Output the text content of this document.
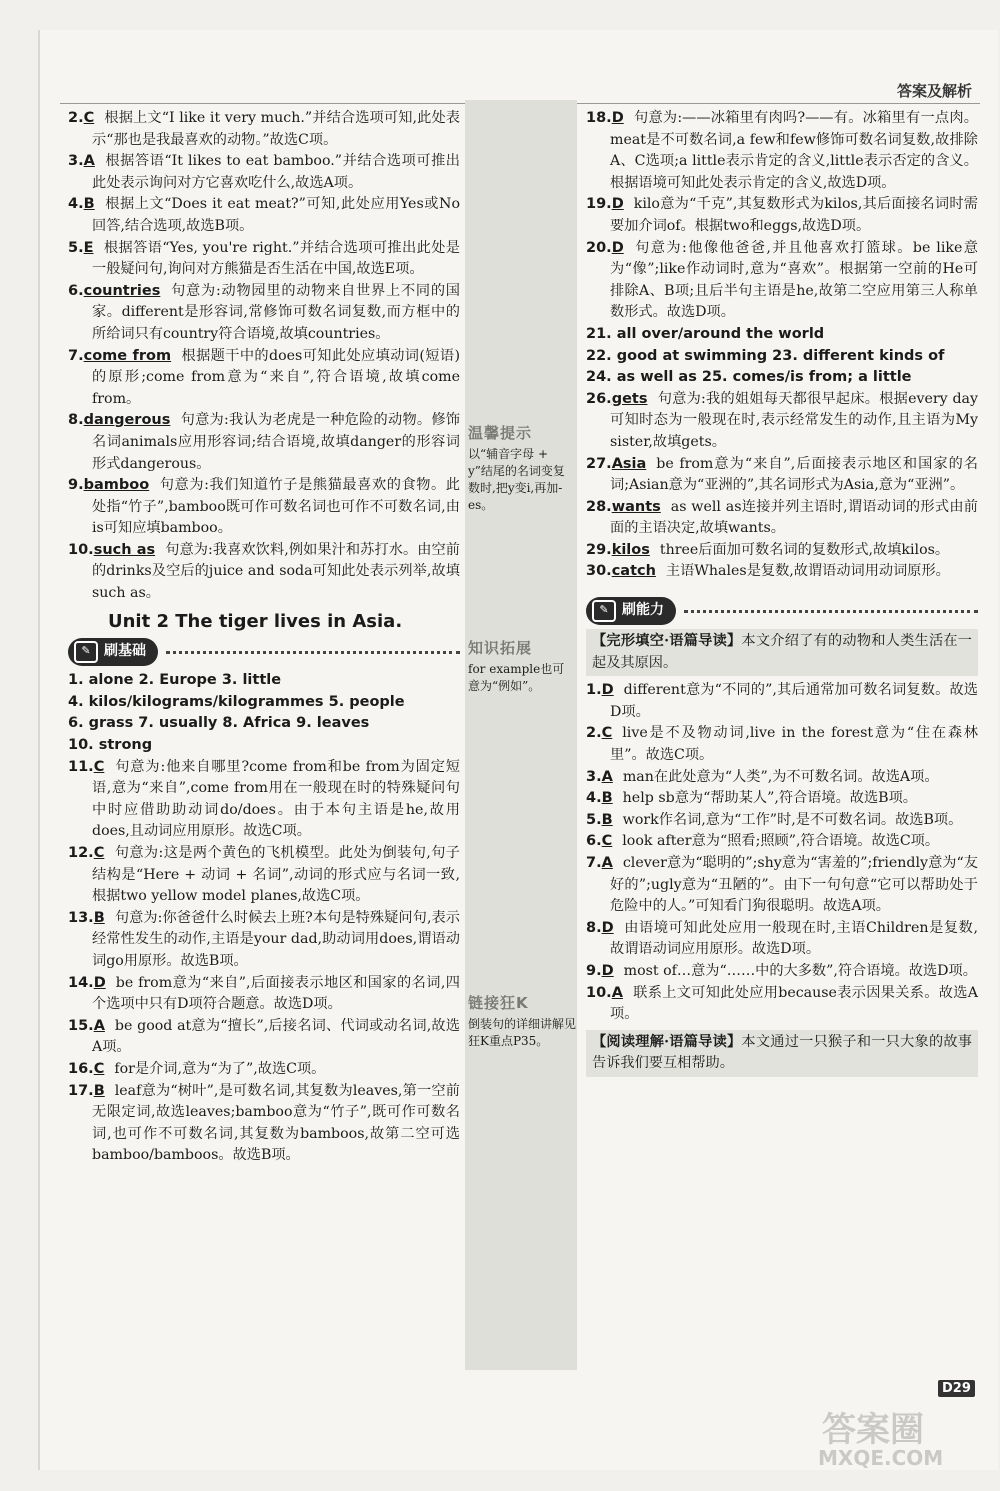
答案及解析

2.C 根据上文“I like it very much.”并结合选项可知,此处表示“那也是我最喜欢的动物。”故选C项。

3.A 根据答语“It likes to eat bamboo.”并结合选项可推出此处表示询问对方它喜欢吃什么,故选A项。

4.B 根据上文“Does it eat meat?”可知,此处应用Yes或No回答,结合选项,故选B项。

5.E 根据答语“Yes, you're right.”并结合选项可推出此处是一般疑问句,询问对方熊猫是否生活在中国,故选E项。

6.countries 句意为:动物园里的动物来自世界上不同的国家。different是形容词,常修饰可数名词复数,而方框中的所给词只有country符合语境,故填countries。

7.come from 根据题干中的does可知此处应填动词(短语)的原形;come from意为“来自”,符合语境,故填come from。

8.dangerous 句意为:我认为老虎是一种危险的动物。修饰名词animals应用形容词;结合语境,故填danger的形容词形式dangerous。

9.bamboo 句意为:我们知道竹子是熊猫最喜欢的食物。此处指“竹子”,bamboo既可作可数名词也可作不可数名词,由is可知应填bamboo。

10.such as 句意为:我喜欢饮料,例如果汁和苏打水。由空前的drinks及空后的juice and soda可知此处表示列举,故填such as。

Unit 2 The tiger lives in Asia.
✎ 刷基础

1. alone 2. Europe 3. little

4. kilos/kilograms/kilogrammes 5. people

6. grass 7. usually 8. Africa 9. leaves

10. strong

11.C 句意为:他来自哪里?come from和be from为固定短语,意为“来自”,come from用在一般现在时的特殊疑问句中时应借助助动词do/does。由于本句主语是he,故用does,且动词应用原形。故选C项。

12.C 句意为:这是两个黄色的飞机模型。此处为倒装句,句子结构是“Here + 动词 + 名词”,动词的形式应与名词一致,根据two yellow model planes,故选C项。

13.B 句意为:你爸爸什么时候去上班?本句是特殊疑问句,表示经常性发生的动作,主语是your dad,助动词用does,谓语动词go用原形。故选B项。

14.D be from意为“来自”,后面接表示地区和国家的名词,四个选项中只有D项符合题意。故选D项。

15.A be good at意为“擅长”,后接名词、代词或动名词,故选A项。

16.C for是介词,意为“为了”,故选C项。

17.B leaf意为“树叶”,是可数名词,其复数为leaves,第一空前无限定词,故选leaves;bamboo意为“竹子”,既可作可数名词,也可作不可数名词,其复数为bamboos,故第二空可选bamboo/bamboos。故选B项。

温馨提示
以“辅音字母 + y”结尾的名词变复数时,把y变i,再加-es。
知识拓展
for example也可意为“例如”。
链接狂K
倒装句的详细讲解见狂K重点P35。

18.D 句意为:——冰箱里有肉吗?——有。冰箱里有一点肉。meat是不可数名词,a few和few修饰可数名词复数,故排除A、C选项;a little表示肯定的含义,little表示否定的含义。根据语境可知此处表示肯定的含义,故选D项。

19.D kilo意为“千克”,其复数形式为kilos,其后面接名词时需要加介词of。根据two和eggs,故选D项。

20.D 句意为:他像他爸爸,并且他喜欢打篮球。be like意为“像”;like作动词时,意为“喜欢”。根据第一空前的He可排除A、B项;且后半句主语是he,故第二空应用第三人称单数形式。故选D项。

21. all over/around the world

22. good at swimming 23. different kinds of

24. as well as 25. comes/is from; a little

26.gets 句意为:我的姐姐每天都很早起床。根据every day可知时态为一般现在时,表示经常发生的动作,且主语为My sister,故填gets。

27.Asia be from意为“来自”,后面接表示地区和国家的名词;Asian意为“亚洲的”,其名词形式为Asia,意为“亚洲”。

28.wants as well as连接并列主语时,谓语动词的形式由前面的主语决定,故填wants。

29.kilos three后面加可数名词的复数形式,故填kilos。

30.catch 主语Whales是复数,故谓语动词用动词原形。

✎ 刷能力
【完形填空·语篇导读】本文介绍了有的动物和人类生活在一起及其原因。

1.D different意为“不同的”,其后通常加可数名词复数。故选D项。

2.C live是不及物动词,live in the forest意为“住在森林里”。故选C项。

3.A man在此处意为“人类”,为不可数名词。故选A项。

4.B help sb意为“帮助某人”,符合语境。故选B项。

5.B work作名词,意为“工作”时,是不可数名词。故选B项。

6.C look after意为“照看;照顾”,符合语境。故选C项。

7.A clever意为“聪明的”;shy意为“害羞的”;friendly意为“友好的”;ugly意为“丑陋的”。由下一句句意“它可以帮助处于危险中的人。”可知看门狗很聪明。故选A项。

8.D 由语境可知此处应用一般现在时,主语Children是复数,故谓语动词应用原形。故选D项。

9.D most of…意为“……中的大多数”,符合语境。故选D项。

10.A 联系上文可知此处应用because表示因果关系。故选A项。

【阅读理解·语篇导读】本文通过一只猴子和一只大象的故事告诉我们要互相帮助。
D29
答案圈
MXQE.COM
